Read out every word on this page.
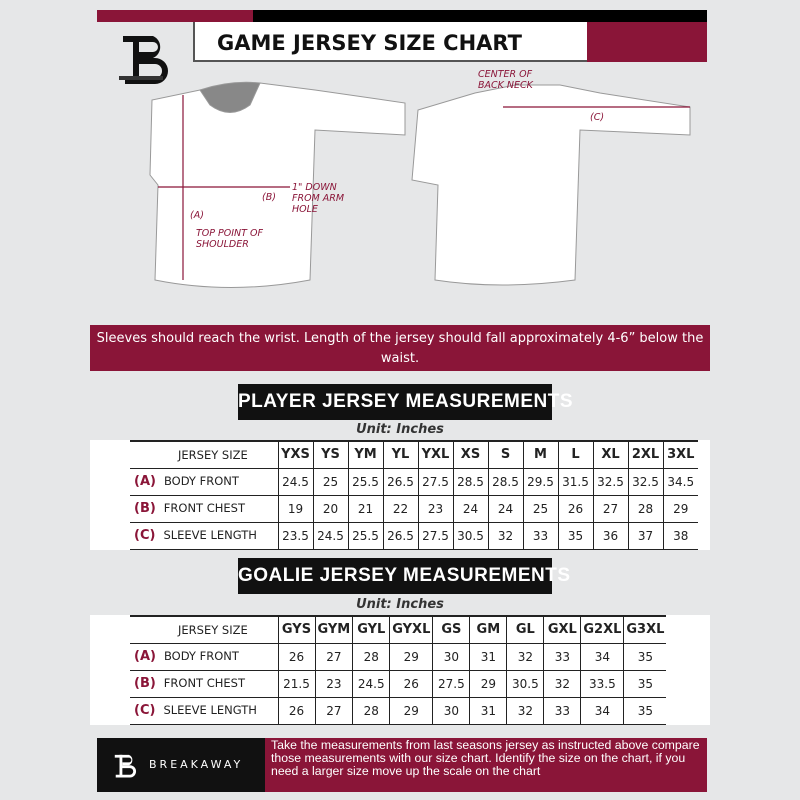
GAME JERSEY SIZE CHART
CENTER OF BACK NECK
(C)
(B)
1" DOWN FROM ARM HOLE
(A)
TOP POINT OF SHOULDER
Sleeves should reach the wrist. Length of the jersey should fall approximately 4-6” below the waist.
PLAYER JERSEY MEASUREMENTS
Unit: Inches
JERSEY SIZE	YXS	YS	YM	YL	YXL	XS	S	M	L	XL	2XL	3XL
(A) BODY FRONT	24.5	25	25.5	26.5	27.5	28.5	28.5	29.5	31.5	32.5	32.5	34.5
(B) FRONT CHEST	19	20	21	22	23	24	24	25	26	27	28	29
(C) SLEEVE LENGTH	23.5	24.5	25.5	26.5	27.5	30.5	32	33	35	36	37	38
GOALIE JERSEY MEASUREMENTS
Unit: Inches
JERSEY SIZE	GYS	GYM	GYL	GYXL	GS	GM	GL	GXL	G2XL	G3XL
(A) BODY FRONT	26	27	28	29	30	31	32	33	34	35
(B) FRONT CHEST	21.5	23	24.5	26	27.5	29	30.5	32	33.5	35
(C) SLEEVE LENGTH	26	27	28	29	30	31	32	33	34	35
BREAKAWAY
Take the measurements from last seasons jersey as instructed above compare those measurements with our size chart. Identify the size on the chart, if you need a larger size move up the scale on the chart
